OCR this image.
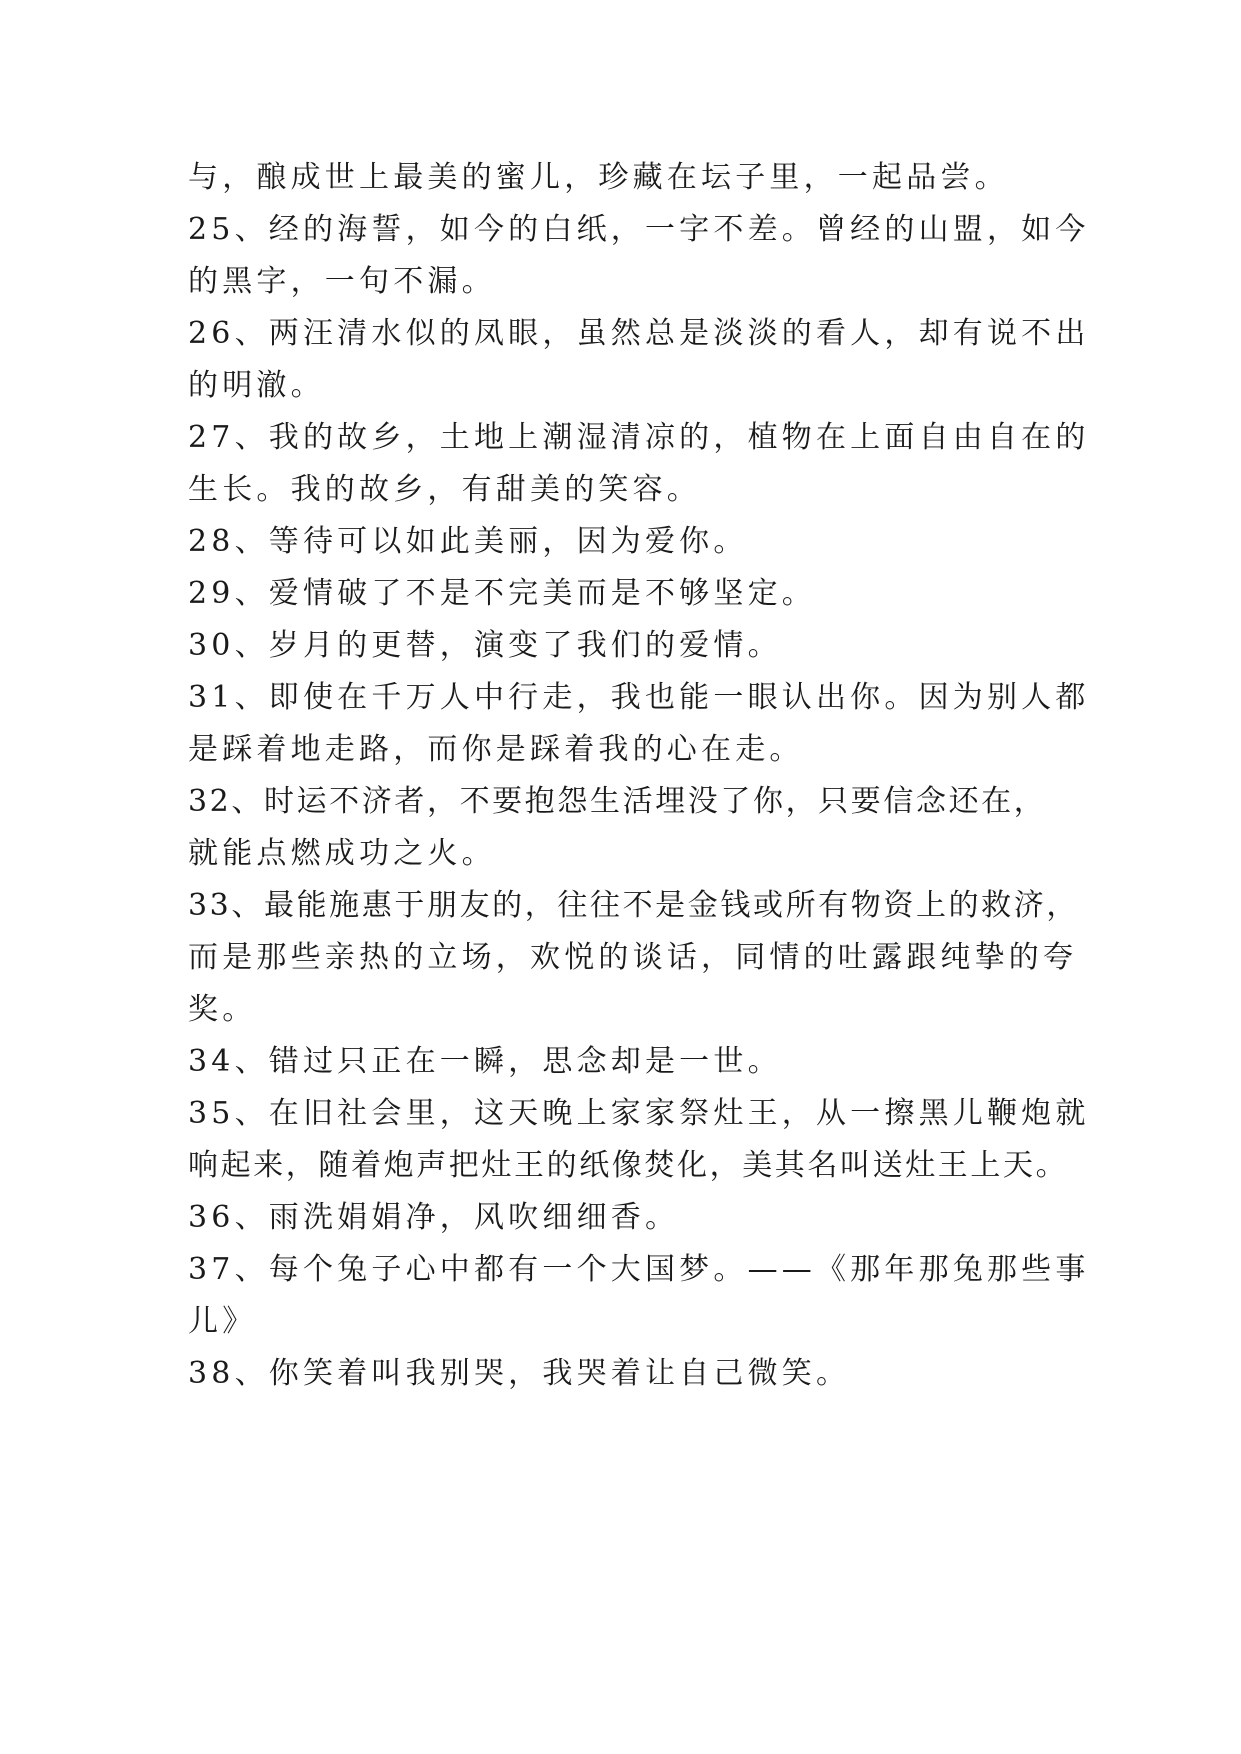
与，酿成世上最美的蜜儿，珍藏在坛子里，一起品尝。
25、经的海誓，如今的白纸，一字不差。曾经的山盟，如今
的黑字，一句不漏。
26、两汪清水似的凤眼，虽然总是淡淡的看人，却有说不出
的明澈。
27、我的故乡，土地上潮湿清凉的，植物在上面自由自在的
生长。我的故乡，有甜美的笑容。
28、等待可以如此美丽，因为爱你。
29、爱情破了不是不完美而是不够坚定。
30、岁月的更替，演变了我们的爱情。
31、即使在千万人中行走，我也能一眼认出你。因为别人都
是踩着地走路，而你是踩着我的心在走。
32、时运不济者，不要抱怨生活埋没了你，只要信念还在，
就能点燃成功之火。
33、最能施惠于朋友的，往往不是金钱或所有物资上的救济，
而是那些亲热的立场，欢悦的谈话，同情的吐露跟纯挚的夸
奖。
34、错过只正在一瞬，思念却是一世。
35、在旧社会里，这天晚上家家祭灶王，从一擦黑儿鞭炮就
响起来，随着炮声把灶王的纸像焚化，美其名叫送灶王上天。
36、雨洗娟娟净，风吹细细香。
37、每个兔子心中都有一个大国梦。——《那年那兔那些事
儿》
38、你笑着叫我别哭，我哭着让自己微笑。
